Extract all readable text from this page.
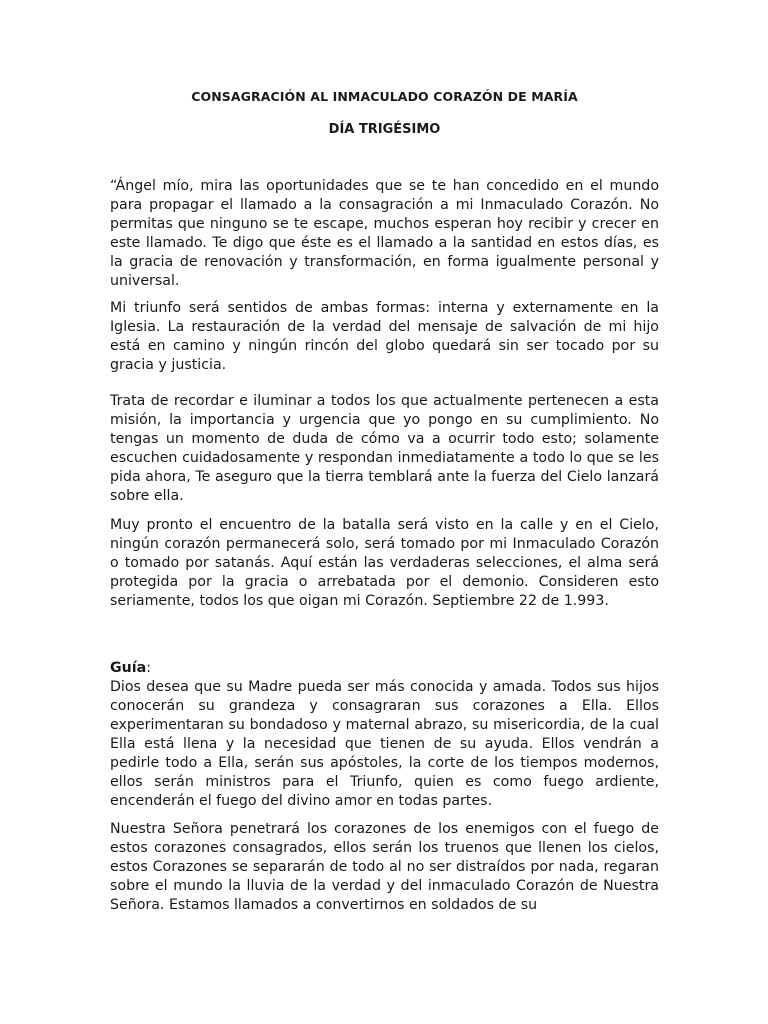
CONSAGRACIÓN AL INMACULADO CORAZÓN DE MARÍA

DÍA TRIGÉSIMO

“Ángel mío, mira las oportunidades que se te han concedido en el mundo para propagar el llamado a la consagración a mi Inmaculado Corazón. No permitas que ninguno se te escape, muchos esperan hoy recibir y crecer en este llamado. Te digo que éste es el llamado a la santidad en estos días, es la gracia de renovación y transformación, en forma igualmente personal y universal.

Mi triunfo será sentidos de ambas formas: interna y externamente en la Iglesia. La restauración de la verdad del mensaje de salvación de mi hijo está en camino y ningún rincón del globo quedará sin ser tocado por su gracia y justicia.

Trata de recordar e iluminar a todos los que actualmente pertenecen a esta misión, la importancia y urgencia que yo pongo en su cumplimiento. No tengas un momento de duda de cómo va a ocurrir todo esto; solamente escuchen cuidadosamente y respondan inmediatamente a todo lo que se les pida ahora, Te aseguro que la tierra temblará ante la fuerza del Cielo lanzará sobre ella.

Muy pronto el encuentro de la batalla será visto en la calle y en el Cielo, ningún corazón permanecerá solo, será tomado por mi Inmaculado Corazón o tomado por satanás. Aquí están las verdaderas selecciones, el alma será protegida por la gracia o arrebatada por el demonio. Consideren esto seriamente, todos los que oigan mi Corazón. Septiembre 22 de 1.993.

Guía:

Dios desea que su Madre pueda ser más conocida y amada. Todos sus hijos conocerán su grandeza y consagraran sus corazones a Ella. Ellos experimentaran su bondadoso y maternal abrazo, su misericordia, de la cual Ella está llena y la necesidad que tienen de su ayuda. Ellos vendrán a pedirle todo a Ella, serán sus apóstoles, la corte de los tiempos modernos, ellos serán ministros para el Triunfo, quien es como fuego ardiente, encenderán el fuego del divino amor en todas partes.

Nuestra Señora penetrará los corazones de los enemigos con el fuego de estos corazones consagrados, ellos serán los truenos que llenen los cielos, estos Corazones se separarán de todo al no ser distraídos por nada, regaran sobre el mundo la lluvia de la verdad y del inmaculado Corazón de Nuestra Señora. Estamos llamados a convertirnos en soldados de su
